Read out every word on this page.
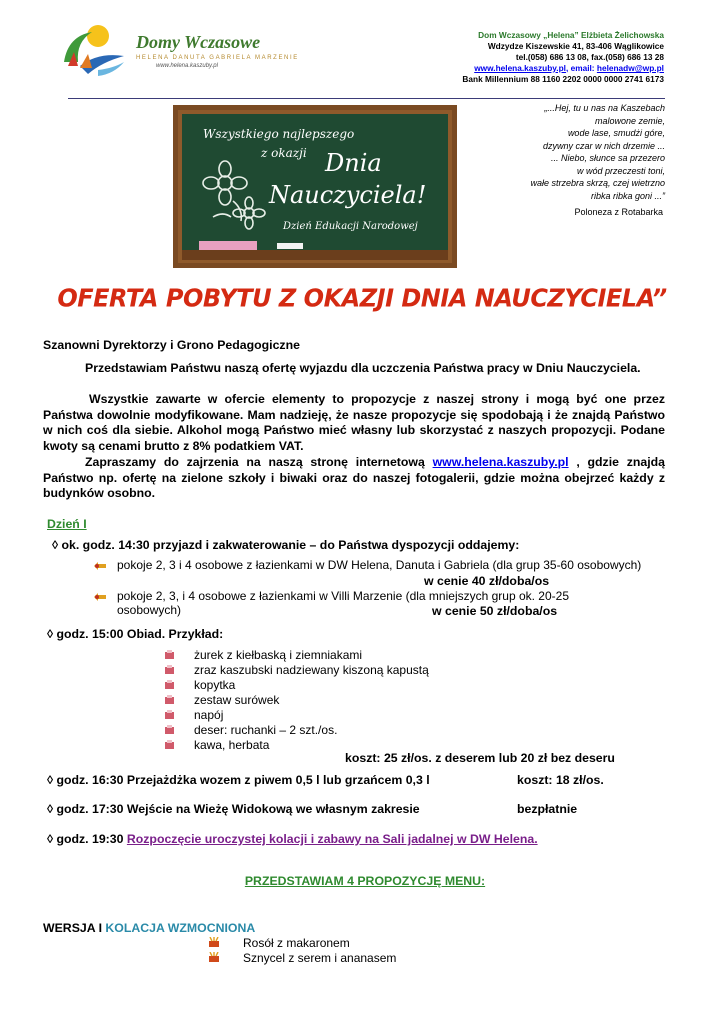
Domy Wczasowe
HELENA DANUTA GABRIELA MARZENIE
www.helena.kaszuby.pl
Dom Wczasowy „Helena” Elżbieta Żelichowska
Wdzydze Kiszewskie 41, 83-406 Wąglikowice
tel.(058) 686 13 08, fax.(058) 686 13 28
www.helena.kaszuby.pl, email: helenadw@wp.pl
Bank Millennium 88 1160 2202 0000 0000 2741 6173
Wszystkiego najlepszego
z okazji Dnia
Nauczyciela!
Dzień Edukacji Narodowej
„...Hej, tu u nas na Kaszebach
malowone zemie,
wode lase, smudżi góre,
dzywny czar w nich drzemie ...
... Niebo, słunce sa przezero
w wód przeczesti toni,
wałe strzebra skrzą, czej wietrzno
ribka ribka goni ...”
Poloneza z Rotabarka
OFERTA POBYTU Z OKAZJI DNIA NAUCZYCIELA”
Szanowni Dyrektorzy i Grono Pedagogiczne
Przedstawiam Państwu naszą ofertę wyjazdu dla uczczenia Państwa pracy w Dniu Nauczyciela.
Wszystkie zawarte w ofercie elementy to propozycje z naszej strony i mogą być one przez Państwa dowolnie modyfikowane. Mam nadzieję, że nasze propozycje się spodobają i że znajdą Państwo w nich coś dla siebie. Alkohol mogą Państwo mieć własny lub skorzystać z naszych propozycji. Podane kwoty są cenami brutto z 8% podatkiem VAT.
Zapraszamy do zajrzenia na naszą stronę internetową www.helena.kaszuby.pl , gdzie znajdą Państwo np. ofertę na zielone szkoły i biwaki oraz do naszej fotogalerii, gdzie można obejrzeć każdy z budynków osobno.
Dzień I
◊ ok. godz. 14:30 przyjazd i zakwaterowanie – do Państwa dyspozycji oddajemy:
pokoje 2, 3 i 4 osobowe z łazienkami w DW Helena, Danuta i Gabriela (dla grup 35-60 osobowych)
w cenie 40 zł/doba/os
pokoje 2, 3, i 4 osobowe z łazienkami w Villi Marzenie (dla mniejszych grup ok. 20-25
osobowych)	w cenie 50 zł/doba/os
◊ godz. 15:00 Obiad. Przykład:
żurek z kiełbaską i ziemniakami
zraz kaszubski nadziewany kiszoną kapustą
kopytka
zestaw surówek
napój
deser: ruchanki – 2 szt./os.
kawa, herbata
koszt: 25 zł/os. z deserem lub 20 zł bez deseru
◊ godz. 16:30 Przejażdżka wozem z piwem 0,5 l lub grzańcem 0,3 l	koszt: 18 zł/os.
◊ godz. 17:30 Wejście na Wieżę Widokową we własnym zakresie	bezpłatnie
◊ godz. 19:30 Rozpoczęcie uroczystej kolacji i zabawy na Sali jadalnej w DW Helena.
PRZEDSTAWIAM 4 PROPOZYCJĘ MENU:
WERSJA I KOLACJA WZMOCNIONA
Rosół z makaronem
Sznycel z serem i ananasem
